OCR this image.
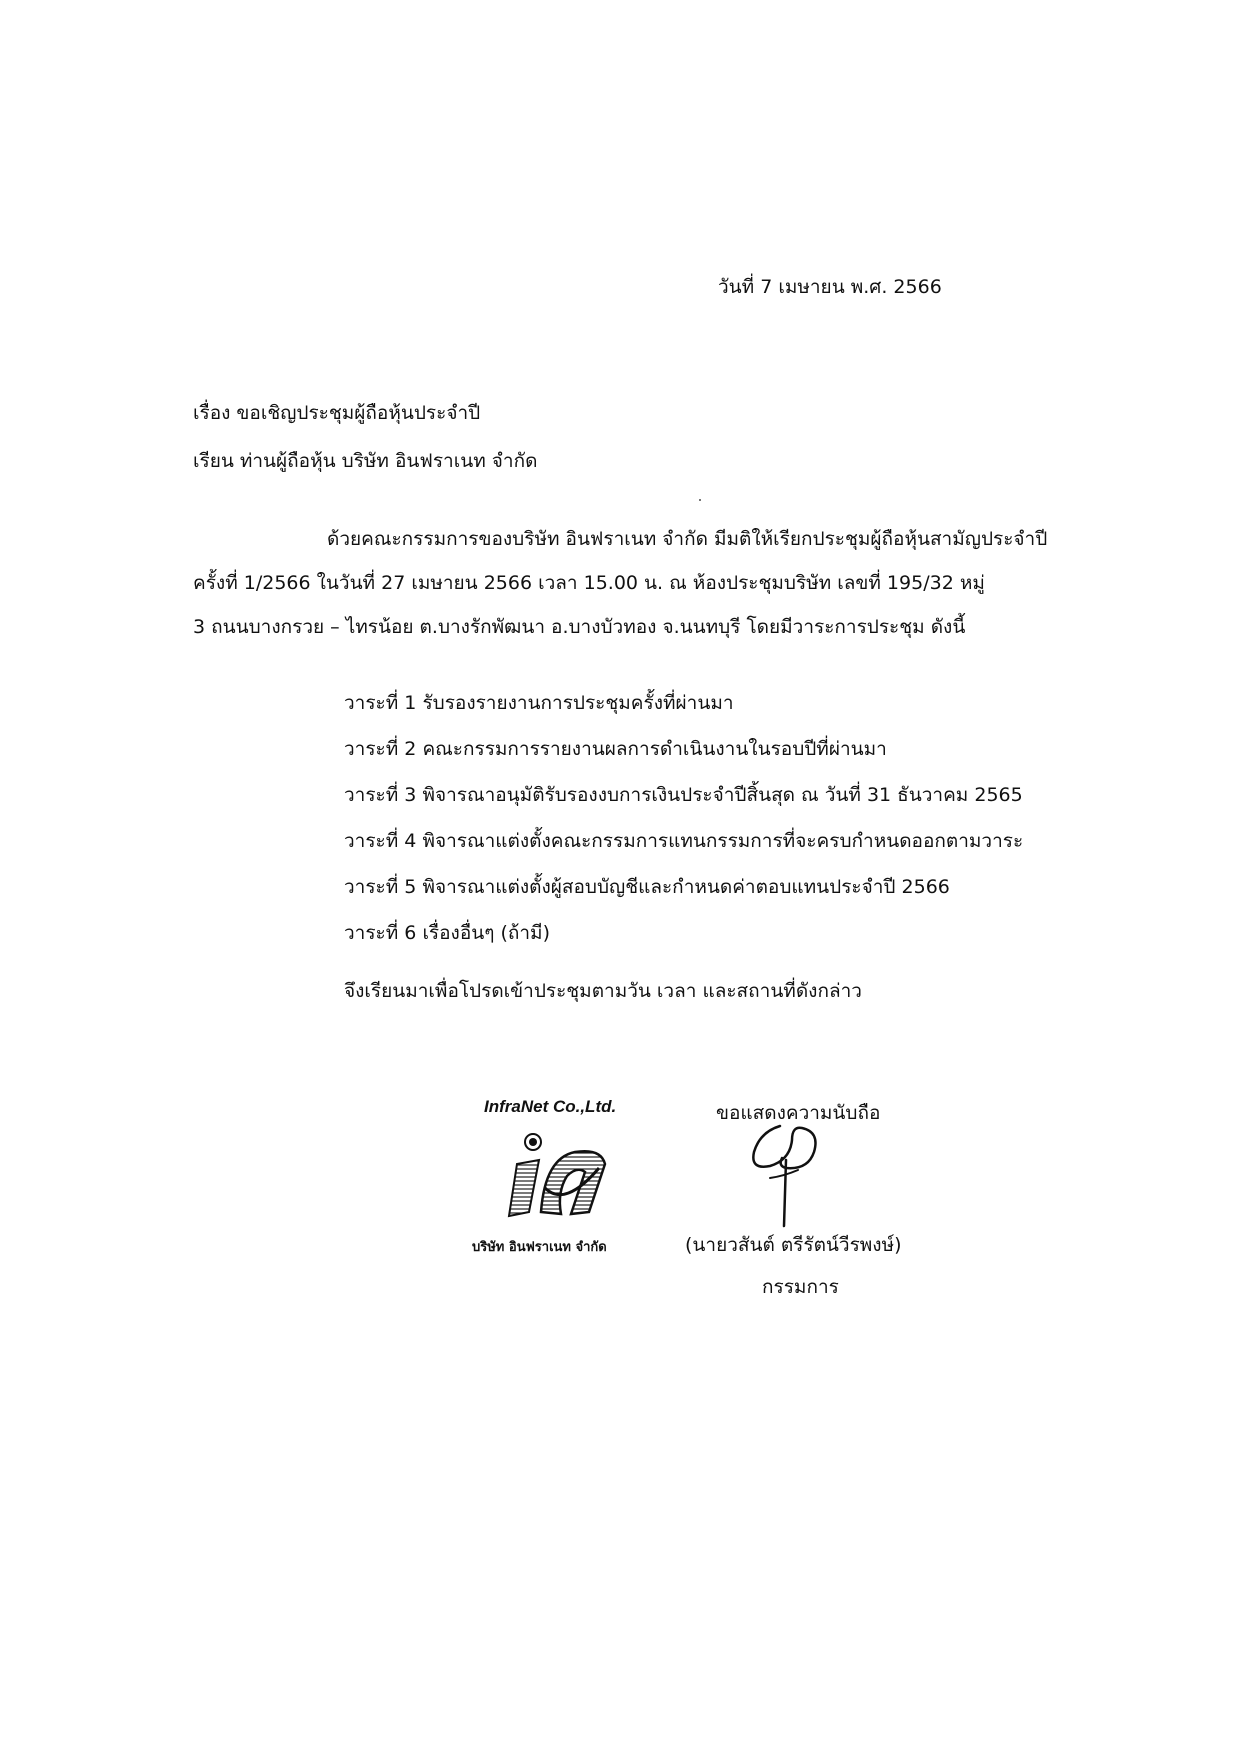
วันที่ 7 เมษายน พ.ศ. 2566
เรื่อง ขอเชิญประชุมผู้ถือหุ้นประจำปี
เรียน ท่านผู้ถือหุ้น บริษัท อินฟราเนท จำกัด
ด้วยคณะกรรมการของบริษัท อินฟราเนท จำกัด มีมติให้เรียกประชุมผู้ถือหุ้นสามัญประจำปี
ครั้งที่ 1/2566 ในวันที่ 27 เมษายน 2566 เวลา 15.00 น. ณ ห้องประชุมบริษัท เลขที่ 195/32 หมู่
3 ถนนบางกรวย – ไทรน้อย ต.บางรักพัฒนา อ.บางบัวทอง จ.นนทบุรี โดยมีวาระการประชุม ดังนี้
วาระที่ 1 รับรองรายงานการประชุมครั้งที่ผ่านมา
วาระที่ 2 คณะกรรมการรายงานผลการดำเนินงานในรอบปีที่ผ่านมา
วาระที่ 3 พิจารณาอนุมัติรับรองงบการเงินประจำปีสิ้นสุด ณ วันที่ 31 ธันวาคม 2565
วาระที่ 4 พิจารณาแต่งตั้งคณะกรรมการแทนกรรมการที่จะครบกำหนดออกตามวาระ
วาระที่ 5 พิจารณาแต่งตั้งผู้สอบบัญชีและกำหนดค่าตอบแทนประจำปี 2566
วาระที่ 6 เรื่องอื่นๆ (ถ้ามี)
จึงเรียนมาเพื่อโปรดเข้าประชุมตามวัน เวลา และสถานที่ดังกล่าว
InfraNet Co.,Ltd.
บริษัท อินฟราเนท จำกัด
ขอแสดงความนับถือ
(นายวสันต์ ตรีรัตน์วีรพงษ์)
กรรมการ
